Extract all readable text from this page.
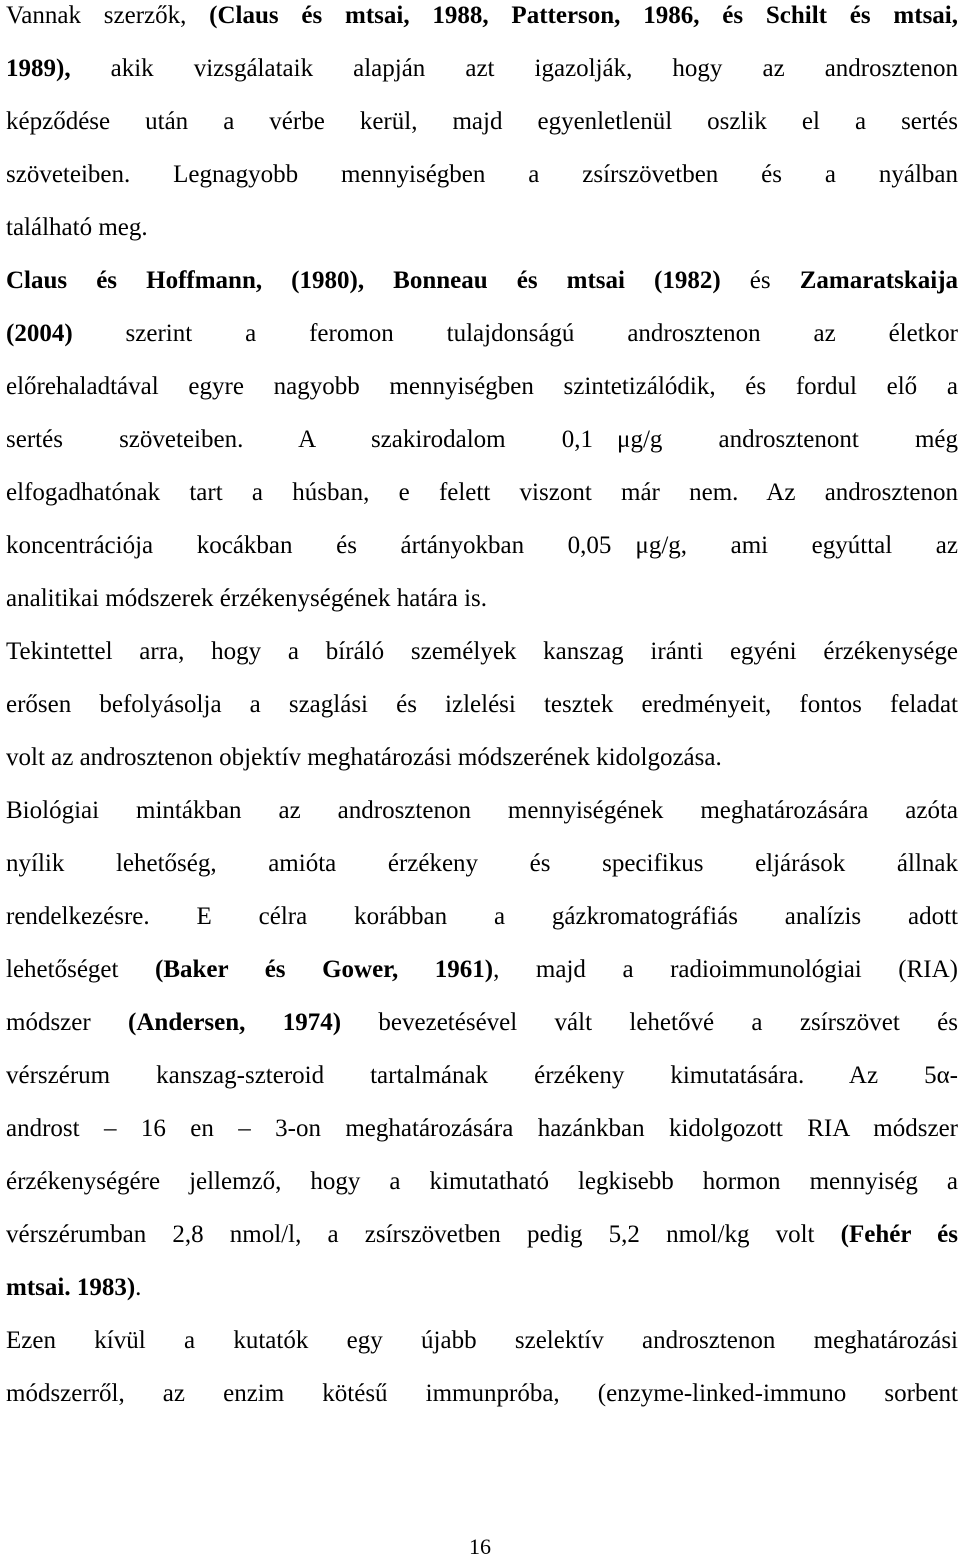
Vannak szerzők, (Claus és mtsai, 1988, Patterson, 1986, és Schilt és mtsai,
1989), akik vizsgálataik alapján azt igazolják, hogy az androsztenon
képződése után a vérbe kerül, majd egyenletlenül oszlik el a sertés
szöveteiben. Legnagyobb mennyiségben a zsírszövetben és a nyálban
található meg.
Claus és Hoffmann, (1980), Bonneau és mtsai (1982) és Zamaratskaija
(2004) szerint a feromon tulajdonságú androsztenon az életkor
előrehaladtával egyre nagyobb mennyiségben szintetizálódik, és fordul elő a
sertés szöveteiben. A szakirodalom 0,1 μg/g androsztenont még
elfogadhatónak tart a húsban, e felett viszont már nem. Az androsztenon
koncentrációja kocákban és ártányokban 0,05 μg/g, ami egyúttal az
analitikai módszerek érzékenységének határa is.
Tekintettel arra, hogy a bíráló személyek kanszag iránti egyéni érzékenysége
erősen befolyásolja a szaglási és izlelési tesztek eredményeit, fontos feladat
volt az androsztenon objektív meghatározási módszerének kidolgozása.
Biológiai mintákban az androsztenon mennyiségének meghatározására azóta
nyílik lehetőség, amióta érzékeny és specifikus eljárások állnak
rendelkezésre. E célra korábban a gázkromatográfiás analízis adott
lehetőséget (Baker és Gower, 1961), majd a radioimmunológiai (RIA)
módszer (Andersen, 1974) bevezetésével vált lehetővé a zsírszövet és
vérszérum kanszag-szteroid tartalmának érzékeny kimutatására. Az 5α-
androst – 16 en – 3-on meghatározására hazánkban kidolgozott RIA módszer
érzékenységére jellemző, hogy a kimutatható legkisebb hormon mennyiség a
vérszérumban 2,8 nmol/l, a zsírszövetben pedig 5,2 nmol/kg volt (Fehér és
mtsai. 1983).
Ezen kívül a kutatók egy újabb szelektív androsztenon meghatározási
módszerről, az enzim kötésű immunpróba, (enzyme-linked-immuno sorbent
16
